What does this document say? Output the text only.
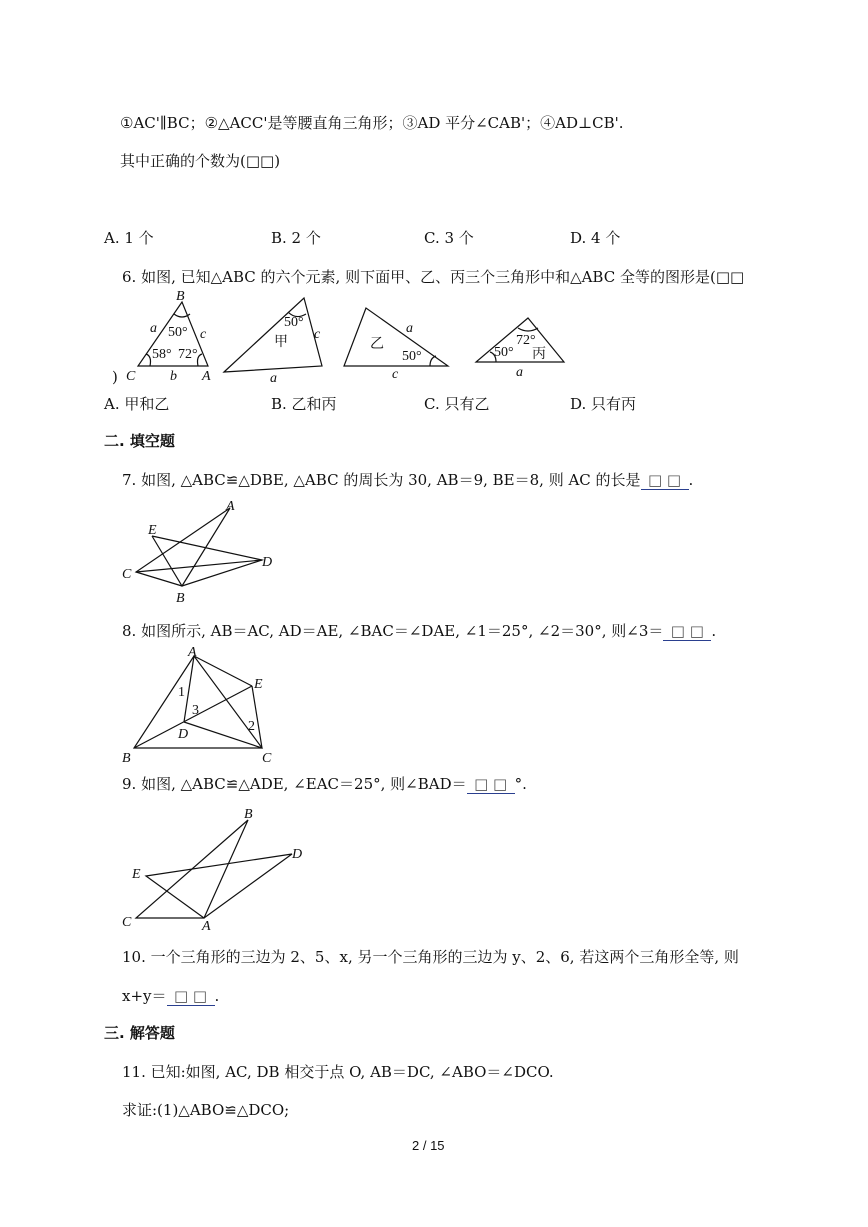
①AC'∥BC；②△ACC'是等腰直角三角形；③AD 平分∠CAB'；④AD⊥CB'.
其中正确的个数为(□□)
A. 1 个	B. 2 个	C. 3 个	D. 4 个
6. 如图, 已知△ABC 的六个元素, 则下面甲、乙、丙三个三角形中和△ABC 全等的图形是(□□
B
C	A
a	c
b
50°
58° 72°
50°
甲
c
a
乙
a
50°
c
72°
丙
50°
a
)
A. 甲和乙	B. 乙和丙	C. 只有乙	D. 只有丙
二. 填空题
7. 如图, △ABC≌△DBE, △ABC 的周长为 30, AB＝9, BE＝8, 则 AC 的长是 □ □ .
A
E
C
D
B
8. 如图所示, AB＝AC, AD＝AE, ∠BAC＝∠DAE, ∠1＝25°, ∠2＝30°, 则∠3＝ □ □ .
A
E
D
B	C
1
3
2
9. 如图, △ABC≌△ADE, ∠EAC＝25°, 则∠BAD＝ □ □ °.
B
D
E
C	A
10. 一个三角形的三边为 2、5、x, 另一个三角形的三边为 y、2、6, 若这两个三角形全等, 则
x+y＝ □ □ .
三. 解答题
11. 已知:如图, AC, DB 相交于点 O, AB＝DC, ∠ABO＝∠DCO.
求证:(1)△ABO≌△DCO;
2 / 15
